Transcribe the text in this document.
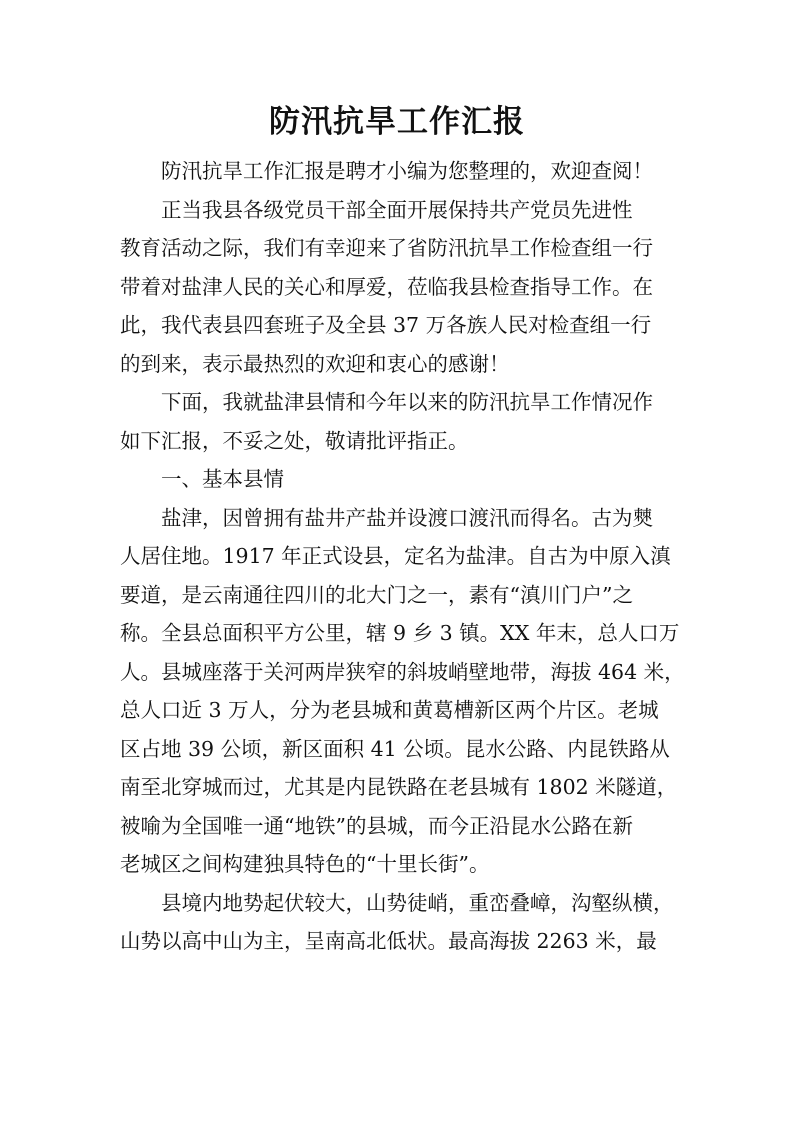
防汛抗旱工作汇报
防汛抗旱工作汇报是聘才小编为您整理的，欢迎查阅！
正当我县各级党员干部全面开展保持共产党员先进性
教育活动之际，我们有幸迎来了省防汛抗旱工作检查组一行
带着对盐津人民的关心和厚爱，莅临我县检查指导工作。在
此，我代表县四套班子及全县 37 万各族人民对检查组一行
的到来，表示最热烈的欢迎和衷心的感谢！
下面，我就盐津县情和今年以来的防汛抗旱工作情况作
如下汇报，不妥之处，敬请批评指正。
一、基本县情
盐津，因曾拥有盐井产盐并设渡口渡汛而得名。古为僰
人居住地。1917 年正式设县，定名为盐津。自古为中原入滇
要道，是云南通往四川的北大门之一，素有“滇川门户”之
称。全县总面积平方公里，辖 9 乡 3 镇。XX 年末，总人口万
人。县城座落于关河两岸狭窄的斜坡峭壁地带，海拔 464 米，
总人口近 3 万人，分为老县城和黄葛槽新区两个片区。老城
区占地 39 公顷，新区面积 41 公顷。昆水公路、内昆铁路从
南至北穿城而过，尤其是内昆铁路在老县城有 1802 米隧道，
被喻为全国唯一通“地铁”的县城，而今正沿昆水公路在新
老城区之间构建独具特色的“十里长街”。
县境内地势起伏较大，山势徒峭，重峦叠嶂，沟壑纵横，
山势以高中山为主，呈南高北低状。最高海拔 2263 米，最
